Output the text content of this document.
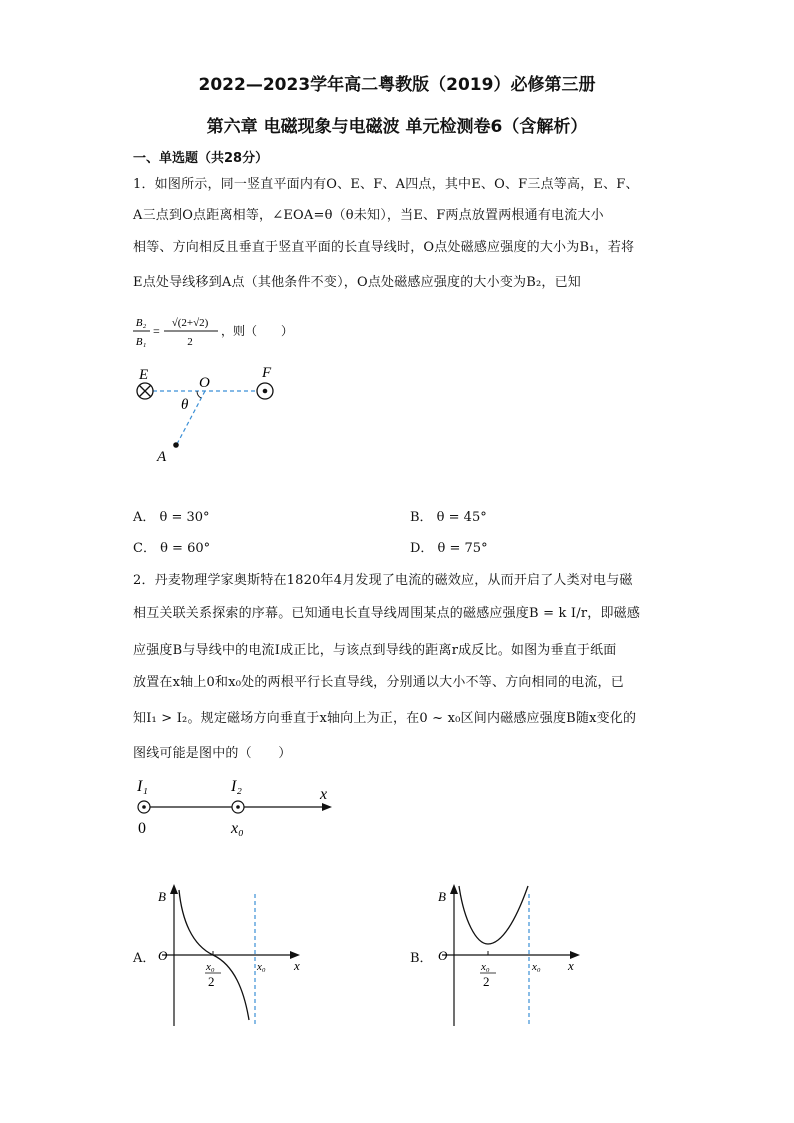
2022—2023学年高二粤教版（2019）必修第三册
第六章 电磁现象与电磁波 单元检测卷6（含解析）
一、单选题（共28分）
1．如图所示，同一竖直平面内有O、E、F、A四点，其中E、O、F三点等高，E、F、
A三点到O点距离相等，∠EOA=θ（θ未知），当E、F两点放置两根通有电流大小
相等、方向相反且垂直于竖直平面的长直导线时，O点处磁感应强度的大小为B₁，若将
E点处导线移到A点（其他条件不变），O点处磁感应强度的大小变为B₂，已知
B₂
B₁
=
√(2+√2)
2
，则（　　）
E	O
F
A
θ
A． θ = 30°	B． θ = 45°
C． θ = 60°	D． θ = 75°
2．丹麦物理学家奥斯特在1820年4月发现了电流的磁效应，从而开启了人类对电与磁
相互关联关系探索的序幕。已知通电长直导线周围某点的磁感应强度B = k I/r，即磁感
应强度B与导线中的电流I成正比，与该点到导线的距离r成反比。如图为垂直于纸面
放置在x轴上0和x₀处的两根平行长直导线，分别通以大小不等、方向相同的电流，已
知I₁ > I₂。规定磁场方向垂直于x轴向上为正，在0 ~ x₀区间内磁感应强度B随x变化的
图线可能是图中的（　　）
I₁	I₂	x
0	x₀
A．
B
O
x₀
2
x₀ x	B．
B
O
x₀
2
x₀ x
